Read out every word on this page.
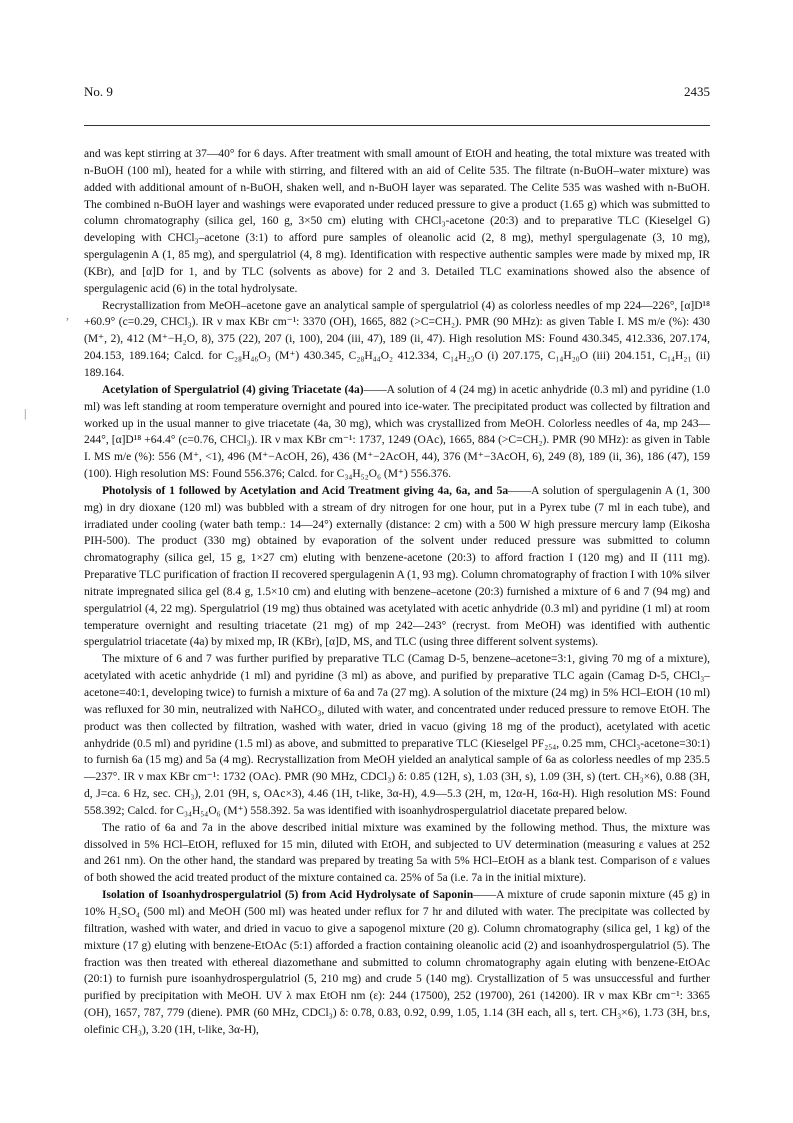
No. 9	2435
,
|

and was kept stirring at 37—40° for 6 days. After treatment with small amount of EtOH and heating, the total mixture was treated with n-BuOH (100 ml), heated for a while with stirring, and filtered with an aid of Celite 535. The filtrate (n-BuOH–water mixture) was added with additional amount of n-BuOH, shaken well, and n-BuOH layer was separated. The Celite 535 was washed with n-BuOH. The combined n-BuOH layer and washings were evaporated under reduced pressure to give a product (1.65 g) which was submitted to column chromatography (silica gel, 160 g, 3×50 cm) eluting with CHCl₃-acetone (20:3) and to preparative TLC (Kieselgel G) developing with CHCl₃–acetone (3:1) to afford pure samples of oleanolic acid (2, 8 mg), methyl spergulagenate (3, 10 mg), spergulagenin A (1, 85 mg), and spergulatriol (4, 8 mg). Identification with respective authentic samples were made by mixed mp, IR (KBr), and [α]D for 1, and by TLC (solvents as above) for 2 and 3. Detailed TLC examinations showed also the absence of spergulagenic acid (6) in the total hydrolysate.

Recrystallization from MeOH–acetone gave an analytical sample of spergulatriol (4) as colorless needles of mp 224—226°, [α]D¹⁸ +60.9° (c=0.29, CHCl₃). IR ν max KBr cm⁻¹: 3370 (OH), 1665, 882 (>C=CH₂). PMR (90 MHz): as given Table I. MS m/e (%): 430 (M⁺, 2), 412 (M⁺−H₂O, 8), 375 (22), 207 (i, 100), 204 (iii, 47), 189 (ii, 47). High resolution MS: Found 430.345, 412.336, 207.174, 204.153, 189.164; Calcd. for C₂₈H₄₆O₃ (M⁺) 430.345, C₂₈H₄₄O₂ 412.334, C₁₄H₂₃O (i) 207.175, C₁₄H₂₀O (iii) 204.151, C₁₄H₂₁ (ii) 189.164.

Acetylation of Spergulatriol (4) giving Triacetate (4a)——A solution of 4 (24 mg) in acetic anhydride (0.3 ml) and pyridine (1.0 ml) was left standing at room temperature overnight and poured into ice-water. The precipitated product was collected by filtration and worked up in the usual manner to give triacetate (4a, 30 mg), which was crystallized from MeOH. Colorless needles of 4a, mp 243—244°, [α]D¹⁸ +64.4° (c=0.76, CHCl₃). IR ν max KBr cm⁻¹: 1737, 1249 (OAc), 1665, 884 (>C=CH₂). PMR (90 MHz): as given in Table I. MS m/e (%): 556 (M⁺, <1), 496 (M⁺−AcOH, 26), 436 (M⁺−2AcOH, 44), 376 (M⁺−3AcOH, 6), 249 (8), 189 (ii, 36), 186 (47), 159 (100). High resolution MS: Found 556.376; Calcd. for C₃₄H₅₂O₆ (M⁺) 556.376.

Photolysis of 1 followed by Acetylation and Acid Treatment giving 4a, 6a, and 5a——A solution of spergulagenin A (1, 300 mg) in dry dioxane (120 ml) was bubbled with a stream of dry nitrogen for one hour, put in a Pyrex tube (7 ml in each tube), and irradiated under cooling (water bath temp.: 14—24°) externally (distance: 2 cm) with a 500 W high pressure mercury lamp (Eikosha PIH-500). The product (330 mg) obtained by evaporation of the solvent under reduced pressure was submitted to column chromatography (silica gel, 15 g, 1×27 cm) eluting with benzene-acetone (20:3) to afford fraction I (120 mg) and II (111 mg). Preparative TLC purification of fraction II recovered spergulagenin A (1, 93 mg). Column chromatography of fraction I with 10% silver nitrate impregnated silica gel (8.4 g, 1.5×10 cm) and eluting with benzene–acetone (20:3) furnished a mixture of 6 and 7 (94 mg) and spergulatriol (4, 22 mg). Spergulatriol (19 mg) thus obtained was acetylated with acetic anhydride (0.3 ml) and pyridine (1 ml) at room temperature overnight and resulting triacetate (21 mg) of mp 242—243° (recryst. from MeOH) was identified with authentic spergulatriol triacetate (4a) by mixed mp, IR (KBr), [α]D, MS, and TLC (using three different solvent systems).

The mixture of 6 and 7 was further purified by preparative TLC (Camag D-5, benzene–acetone=3:1, giving 70 mg of a mixture), acetylated with acetic anhydride (1 ml) and pyridine (3 ml) as above, and purified by preparative TLC again (Camag D-5, CHCl₃–acetone=40:1, developing twice) to furnish a mixture of 6a and 7a (27 mg). A solution of the mixture (24 mg) in 5% HCl–EtOH (10 ml) was refluxed for 30 min, neutralized with NaHCO₃, diluted with water, and concentrated under reduced pressure to remove EtOH. The product was then collected by filtration, washed with water, dried in vacuo (giving 18 mg of the product), acetylated with acetic anhydride (0.5 ml) and pyridine (1.5 ml) as above, and submitted to preparative TLC (Kieselgel PF₂₅₄, 0.25 mm, CHCl₃-acetone=30:1) to furnish 6a (15 mg) and 5a (4 mg). Recrystallization from MeOH yielded an analytical sample of 6a as colorless needles of mp 235.5—237°. IR ν max KBr cm⁻¹: 1732 (OAc). PMR (90 MHz, CDCl₃) δ: 0.85 (12H, s), 1.03 (3H, s), 1.09 (3H, s) (tert. CH₃×6), 0.88 (3H, d, J=ca. 6 Hz, sec. CH₃), 2.01 (9H, s, OAc×3), 4.46 (1H, t-like, 3α-H), 4.9—5.3 (2H, m, 12α-H, 16α-H). High resolution MS: Found 558.392; Calcd. for C₃₄H₅₄O₆ (M⁺) 558.392. 5a was identified with isoanhydrospergulatriol diacetate prepared below.

The ratio of 6a and 7a in the above described initial mixture was examined by the following method. Thus, the mixture was dissolved in 5% HCl–EtOH, refluxed for 15 min, diluted with EtOH, and subjected to UV determination (measuring ε values at 252 and 261 nm). On the other hand, the standard was prepared by treating 5a with 5% HCl–EtOH as a blank test. Comparison of ε values of both showed the acid treated product of the mixture contained ca. 25% of 5a (i.e. 7a in the initial mixture).

Isolation of Isoanhydrospergulatriol (5) from Acid Hydrolysate of Saponin——A mixture of crude saponin mixture (45 g) in 10% H₂SO₄ (500 ml) and MeOH (500 ml) was heated under reflux for 7 hr and diluted with water. The precipitate was collected by filtration, washed with water, and dried in vacuo to give a sapogenol mixture (20 g). Column chromatography (silica gel, 1 kg) of the mixture (17 g) eluting with benzene-EtOAc (5:1) afforded a fraction containing oleanolic acid (2) and isoanhydrospergulatriol (5). The fraction was then treated with ethereal diazomethane and submitted to column chromatography again eluting with benzene-EtOAc (20:1) to furnish pure isoanhydrospergulatriol (5, 210 mg) and crude 5 (140 mg). Crystallization of 5 was unsuccessful and further purified by precipitation with MeOH. UV λ max EtOH nm (ε): 244 (17500), 252 (19700), 261 (14200). IR ν max KBr cm⁻¹: 3365 (OH), 1657, 787, 779 (diene). PMR (60 MHz, CDCl₃) δ: 0.78, 0.83, 0.92, 0.99, 1.05, 1.14 (3H each, all s, tert. CH₃×6), 1.73 (3H, br.s, olefinic CH₃), 3.20 (1H, t-like, 3α-H),
